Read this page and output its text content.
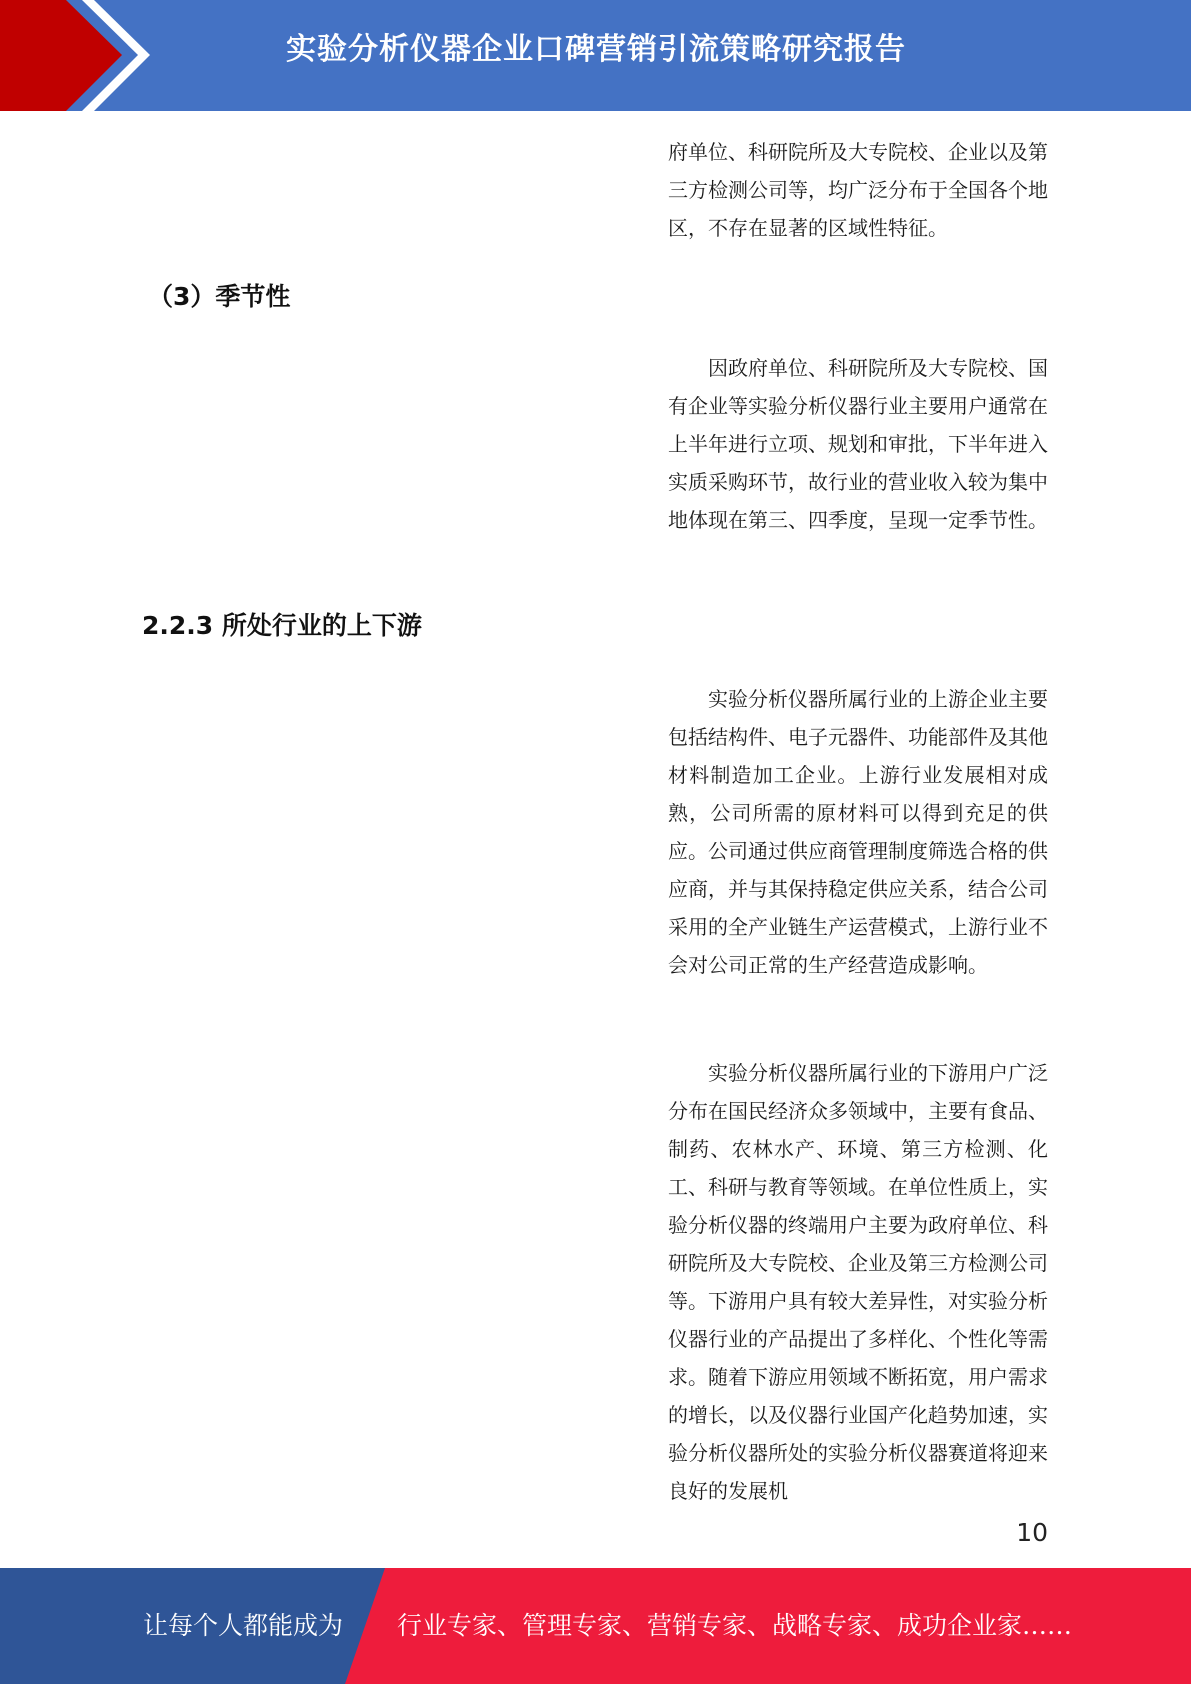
实验分析仪器企业口碑营销引流策略研究报告

府单位、科研院所及大专院校、企业以及第三方检测公司等，均广泛分布于全国各个地区，不存在显著的区域性特征。

（3）季节性

因政府单位、科研院所及大专院校、国有企业等实验分析仪器行业主要用户通常在上半年进行立项、规划和审批，下半年进入实质采购环节，故行业的营业收入较为集中地体现在第三、四季度，呈现一定季节性。

2.2.3 所处行业的上下游

实验分析仪器所属行业的上游企业主要包括结构件、电子元器件、功能部件及其他材料制造加工企业。上游行业发展相对成熟，公司所需的原材料可以得到充足的供应。公司通过供应商管理制度筛选合格的供应商，并与其保持稳定供应关系，结合公司采用的全产业链生产运营模式，上游行业不会对公司正常的生产经营造成影响。

实验分析仪器所属行业的下游用户广泛分布在国民经济众多领域中，主要有食品、制药、农林水产、环境、第三方检测、化工、科研与教育等领域。在单位性质上，实验分析仪器的终端用户主要为政府单位、科研院所及大专院校、企业及第三方检测公司等。下游用户具有较大差异性，对实验分析仪器行业的产品提出了多样化、个性化等需求。随着下游应用领域不断拓宽，用户需求的增长，以及仪器行业国产化趋势加速，实验分析仪器所处的实验分析仪器赛道将迎来良好的发展机

10
让每个人都能成为 行业专家、管理专家、营销专家、战略专家、成功企业家……
